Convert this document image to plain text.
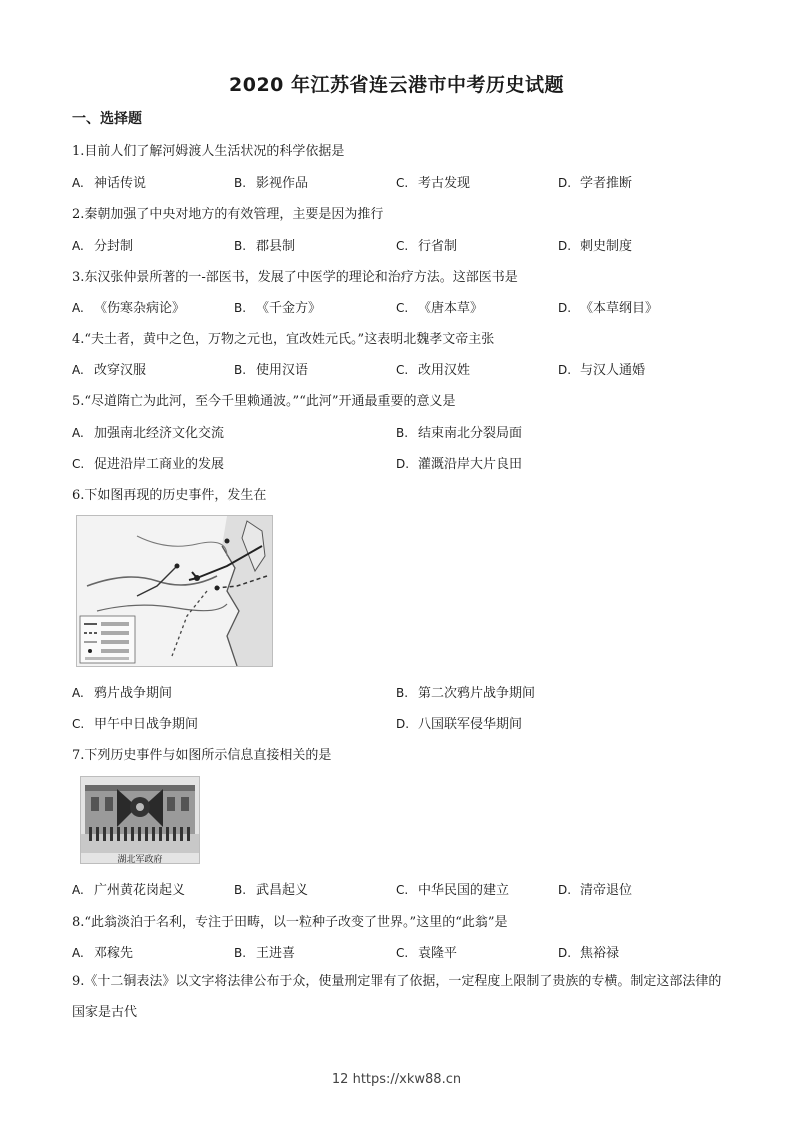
2020 年江苏省连云港市中考历史试题
一、选择题
1.目前人们了解河姆渡人生活状况的科学依据是
A. 神话传说	B. 影视作品	C. 考古发现	D. 学者推断
2.秦朝加强了中央对地方的有效管理，主要是因为推行
A. 分封制	B. 郡县制	C. 行省制	D. 刺史制度
3.东汉张仲景所著的一-部医书，发展了中医学的理论和治疗方法。这部医书是
A. 《伤寒杂病论》	B. 《千金方》	C. 《唐本草》	D. 《本草纲目》
4.“夫土者，黄中之色，万物之元也，宜改姓元氏。”这表明北魏孝文帝主张
A. 改穿汉服	B. 使用汉语	C. 改用汉姓	D. 与汉人通婚
5.“尽道隋亡为此河，至今千里赖通波。”“此河”开通最重要的意义是
A. 加强南北经济文化交流	B. 结束南北分裂局面
C. 促进沿岸工商业的发展	D. 灌溉沿岸大片良田
6.下如图再现的历史事件，发生在
A. 鸦片战争期间	B. 第二次鸦片战争期间
C. 甲午中日战争期间	D. 八国联军侵华期间
7.下列历史事件与如图所示信息直接相关的是
湖北军政府
A. 广州黄花岗起义	B. 武昌起义	C. 中华民国的建立	D. 清帝退位
8.“此翁淡泊于名利，专注于田畴，以一粒种子改变了世界。”这里的“此翁”是
A. 邓稼先	B. 王进喜	C. 袁隆平	D. 焦裕禄
9.《十二铜表法》以文字将法律公布于众，使量刑定罪有了依据，一定程度上限制了贵族的专横。制定这部法律的国家是古代
12 https://xkw88.cn
